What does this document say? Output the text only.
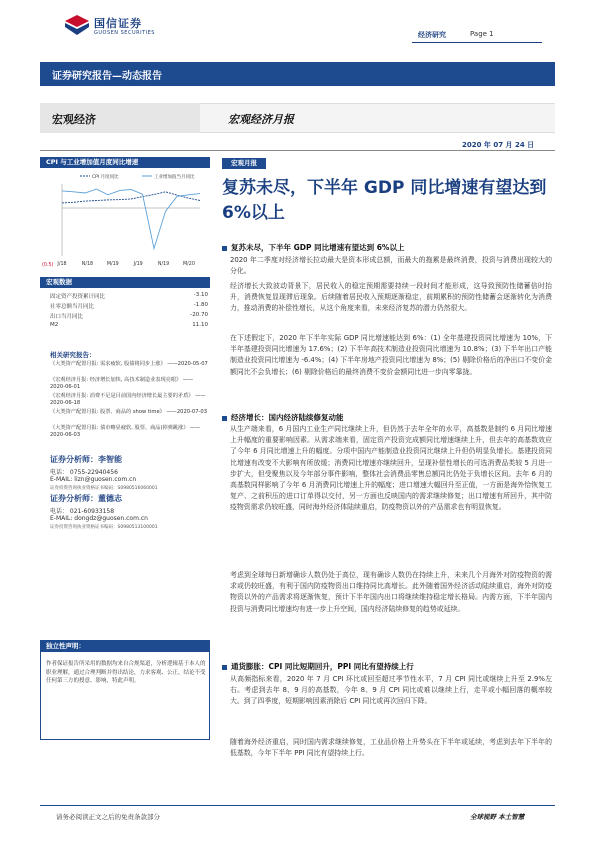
国信证券
GUOSEN SECURITIES	经济研究	Page 1
证券研究报告—动态报告
宏观经济	宏观经济月报
2020 年 07 月 24 日
CPI 与工业增加值月度同比增速
CPI 月度同比	工业增加值当月同比
J/18	N/18	M/19	J/19	N/19	M/20
(0.5)
宏观数据
固定资产投资累计同比	-3.10
社零总额当月同比	-1.80
出口当月同比	-20.70
M2	11.10
相关研究报告：
《大类资产配置月报: 需求疲软, 股债将同步上涨》 ——2020-05-07
《宏观经济月报: 经济增长加快, 高技术制造业表现亮眼》 ——2020-06-01
《宏观经济月报: 消费不足是目前国内经济增长最主要的矛盾》 ——2020-06-18
《大类资产配置月报: 股票、商品的 show time》 ——2020-07-03
《大类资产配置月报: 债市略显疲软, 股票、商品(掉弹跳涨》 ——2020-06-03
证券分析师：李智能
电话： 0755-22940456
E-MAIL: lizn@guosen.com.cn
证券投资咨询执业资格证书编码：S0980516060001
证券分析师：董德志
电话： 021-60933158
E-MAIL: dongdz@guosen.com.cn
证券投资咨询执业资格证书编码：S0980513100001
独立性声明：
作者保证报告所采用的数据均来自合规渠道，分析逻辑基于本人的职业理解，通过合理判断并得出结论，力求客观、公正，结论不受任何第三方的授意、影响，特此声明。
宏观月报
复苏未尽，下半年 GDP 同比增速有望达到 6%以上
复苏未尽，下半年 GDP 同比增速有望达到 6%以上
2020 年二季度对经济增长拉动最大是资本形成总额，而最大的拖累是最终消费，投资与消费出现较大的分化。
经济增长大致波动背景下，居民收入的稳定预期需要持续一段时间才能形成，这导致预防性储蓄倍时抬升，消费恢复显现滞后现象。后续随着居民收入预期逐渐稳定，前期累积的预防性储蓄会逐渐转化为消费力，推动消费的补偿性增长，从这个角度来看，未来经济复苏的潜力仍然很大。
在下述假定下，2020 年下半年实际 GDP 同比增速能达到 6%：(1) 全年基建投资同比增速为 10%，下半年基建投资同比增速为 17.6%；(2) 下半年高技术制造业投资同比增速为 10.8%；(3) 下半年出口产能制造业投资同比增速为 -6.4%；(4) 下半年房地产投资同比增速为 8%；(5) 剔除价格后的净出口不变价金额同比不会负增长；(6) 剔除价格后的最终消费不变价金额同比进一步向零靠拢。
经济增长：国内经济陆续修复动能
从生产端来看，6 月国内工业生产同比继续上升，但仍然于去年全年的水平，高基数是制约 6 月同比增速上升幅度的重要影响因素。从需求端来看，固定资产投资完成额同比增速继续上升，但去年的高基数效应了今年 6 月同比增速上升的幅度。分项中国内产能制造业投资同比继续上升但仍明显负增长。基建投资同比增速有改变不大影响有所放缓；消费同比增速亦继续回升，呈现补偿性增长的可选消费品类较 5 月进一步扩大，但受聚焦以及今年部分事件影响，整体社会消费品零售总额同比仍处于负增长区间。去年 6 月的高基数同样影响了今年 6 月消费同比增速上升的幅度；进口增速大幅回升至正值，一方面是海外恰恢复工复产、之前积压的进口订单得以交付，另一方面也反映国内的需求继续修复；出口增速有所回升，其中防疫物资需求仍较旺盛，同时海外经济体陆续重启，防疫物资以外的产品需求也有明显恢复。
考虑到全球每日新增确诊人数仍处于高位，现有确诊人数仍在持续上升，未来几个月海外对防疫物资的需求或仍较旺盛，有利于国内防疫物资出口维持同比高增长。此外随着国外经济活动陆续重启，海外对防疫物资以外的产品需求将逐渐恢复，预计下半年国内出口将继续维持稳定增长格局。内需方面，下半年国内投资与消费同比增速均有进一步上升空间，国内经济陆续修复的趋势或延续。
通货膨胀：CPI 同比短期回升，PPI 同比有望持续上行
从高频指标来看，2020 年 7 月 CPI 环比或回至超过季节性水平，7 月 CPI 同比或继续上升至 2.9%左右。考虑到去年 8、9 月的高基数，今年 8、9 月 CPI 同比或难以继续上行，走平或小幅回落的概率较大。到了四季度，短期影响因素消除后 CPI 同比或再次回归下降。
随着海外经济重启，同时国内需求继续修复，工业品价格上升势头在下半年或延续，考虑到去年下半年的低基数，今年下半年 PPI 同比有望持续上行。
请务必阅读正文之后的免责条款部分	全球视野 本土智慧
